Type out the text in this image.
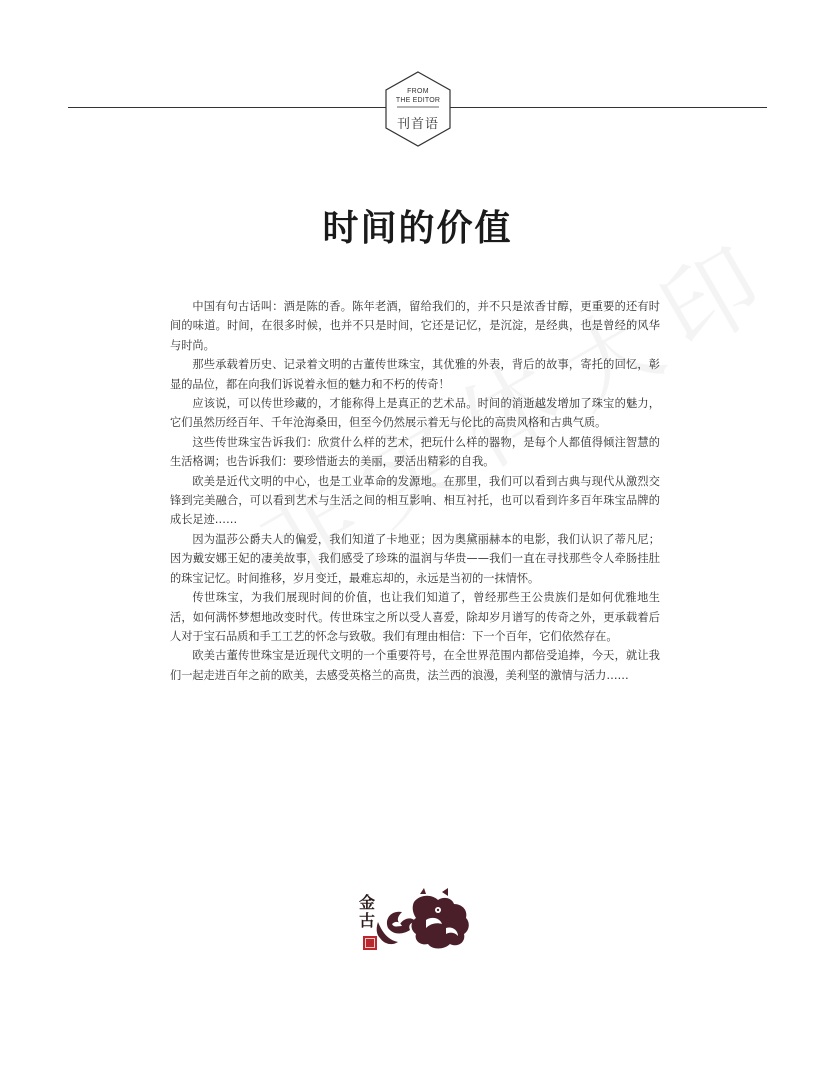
FROM
THE EDITOR
刊首语
时间的价值

中国有句古话叫：酒是陈的香。陈年老酒，留给我们的，并不只是浓香甘醇，更重要的还有时间的味道。时间，在很多时候，也并不只是时间，它还是记忆，是沉淀，是经典，也是曾经的风华与时尚。

那些承载着历史、记录着文明的古董传世珠宝，其优雅的外表，背后的故事，寄托的回忆，彰显的品位，都在向我们诉说着永恒的魅力和不朽的传奇！

应该说，可以传世珍藏的，才能称得上是真正的艺术品。时间的消逝越发增加了珠宝的魅力，它们虽然历经百年、千年沧海桑田，但至今仍然展示着无与伦比的高贵风格和古典气质。

这些传世珠宝告诉我们：欣赏什么样的艺术，把玩什么样的器物，是每个人都值得倾注智慧的生活格调；也告诉我们：要珍惜逝去的美丽，要活出精彩的自我。

欧美是近代文明的中心，也是工业革命的发源地。在那里，我们可以看到古典与现代从激烈交锋到完美融合，可以看到艺术与生活之间的相互影响、相互衬托，也可以看到许多百年珠宝品牌的成长足迹……

因为温莎公爵夫人的偏爱，我们知道了卡地亚；因为奥黛丽赫本的电影，我们认识了蒂凡尼；因为戴安娜王妃的凄美故事，我们感受了珍珠的温润与华贵——我们一直在寻找那些令人牵肠挂肚的珠宝记忆。时间推移，岁月变迁，最难忘却的，永远是当初的一抹情怀。

传世珠宝，为我们展现时间的价值，也让我们知道了，曾经那些王公贵族们是如何优雅地生活，如何满怀梦想地改变时代。传世珠宝之所以受人喜爱，除却岁月谱写的传奇之外，更承载着后人对于宝石品质和手工工艺的怀念与致敬。我们有理由相信：下一个百年，它们依然存在。

欧美古董传世珠宝是近现代文明的一个重要符号，在全世界范围内都倍受追捧，今天，就让我们一起走进百年之前的欧美，去感受英格兰的高贵，法兰西的浪漫，美利坚的激情与活力……

金
古
